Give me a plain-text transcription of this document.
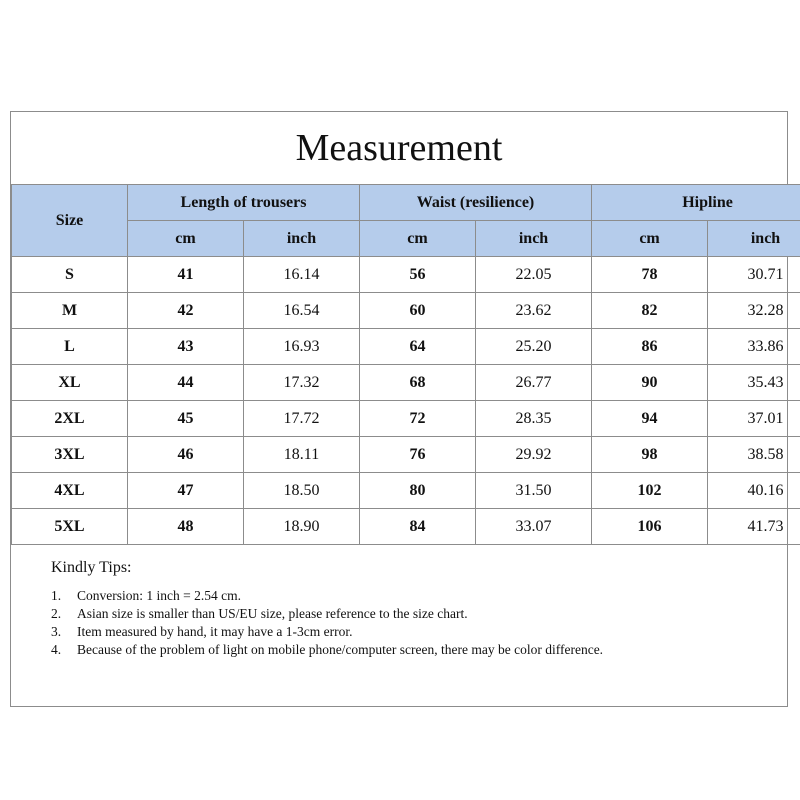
Measurement
Size	Length of trousers		Waist (resilience)		Hipline	
	cm	inch	cm	inch	cm	inch
S	41	16.14	56	22.05	78	30.71
M	42	16.54	60	23.62	82	32.28
L	43	16.93	64	25.20	86	33.86
XL	44	17.32	68	26.77	90	35.43
2XL	45	17.72	72	28.35	94	37.01
3XL	46	18.11	76	29.92	98	38.58
4XL	47	18.50	80	31.50	102	40.16
5XL	48	18.90	84	33.07	106	41.73
Kindly Tips:
1.	Conversion: 1 inch = 2.54 cm.
2.	Asian size is smaller than US/EU size, please reference to the size chart.
3.	Item measured by hand, it may have a 1-3cm error.
4.	Because of the problem of light on mobile phone/computer screen, there may be color difference.
